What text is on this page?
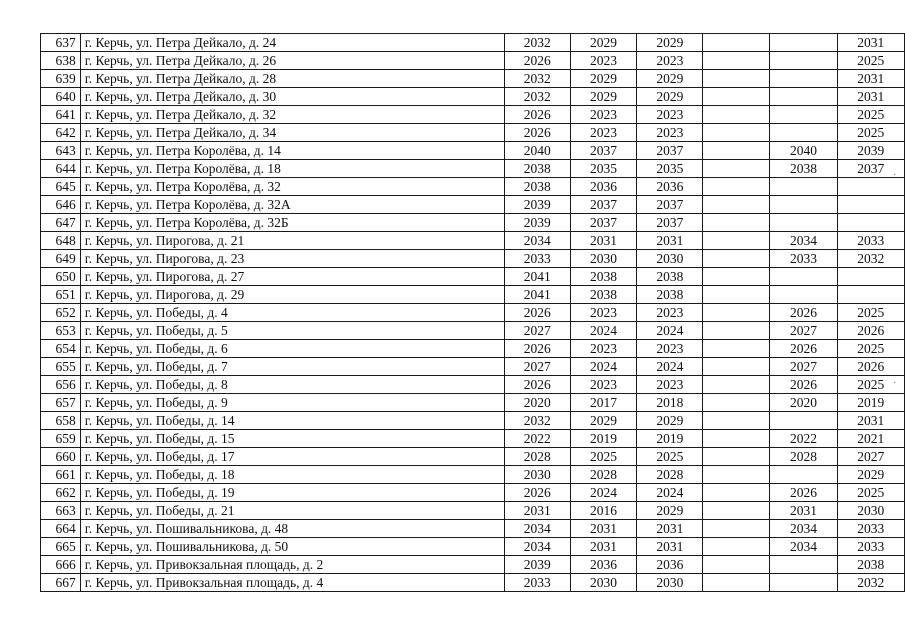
637	г. Керчь, ул. Петра Дейкало, д. 24	2032	2029	2029			2031
638	г. Керчь, ул. Петра Дейкало, д. 26	2026	2023	2023			2025
639	г. Керчь, ул. Петра Дейкало, д. 28	2032	2029	2029			2031
640	г. Керчь, ул. Петра Дейкало, д. 30	2032	2029	2029			2031
641	г. Керчь, ул. Петра Дейкало, д. 32	2026	2023	2023			2025
642	г. Керчь, ул. Петра Дейкало, д. 34	2026	2023	2023			2025
643	г. Керчь, ул. Петра Королёва, д. 14	2040	2037	2037		2040	2039
644	г. Керчь, ул. Петра Королёва, д. 18	2038	2035	2035		2038	2037
645	г. Керчь, ул. Петра Королёва, д. 32	2038	2036	2036			
646	г. Керчь, ул. Петра Королёва, д. 32А	2039	2037	2037			
647	г. Керчь, ул. Петра Королёва, д. 32Б	2039	2037	2037			
648	г. Керчь, ул. Пирогова, д. 21	2034	2031	2031		2034	2033
649	г. Керчь, ул. Пирогова, д. 23	2033	2030	2030		2033	2032
650	г. Керчь, ул. Пирогова, д. 27	2041	2038	2038			
651	г. Керчь, ул. Пирогова, д. 29	2041	2038	2038			
652	г. Керчь, ул. Победы, д. 4	2026	2023	2023		2026	2025
653	г. Керчь, ул. Победы, д. 5	2027	2024	2024		2027	2026
654	г. Керчь, ул. Победы, д. 6	2026	2023	2023		2026	2025
655	г. Керчь, ул. Победы, д. 7	2027	2024	2024		2027	2026
656	г. Керчь, ул. Победы, д. 8	2026	2023	2023		2026	2025
657	г. Керчь, ул. Победы, д. 9	2020	2017	2018		2020	2019
658	г. Керчь, ул. Победы, д. 14	2032	2029	2029			2031
659	г. Керчь, ул. Победы, д. 15	2022	2019	2019		2022	2021
660	г. Керчь, ул. Победы, д. 17	2028	2025	2025		2028	2027
661	г. Керчь, ул. Победы, д. 18	2030	2028	2028			2029
662	г. Керчь, ул. Победы, д. 19	2026	2024	2024		2026	2025
663	г. Керчь, ул. Победы, д. 21	2031	2016	2029		2031	2030
664	г. Керчь, ул. Пошивальникова, д. 48	2034	2031	2031		2034	2033
665	г. Керчь, ул. Пошивальникова, д. 50	2034	2031	2031		2034	2033
666	г. Керчь, ул. Привокзальная площадь, д. 2	2039	2036	2036			2038
667	г. Керчь, ул. Привокзальная площадь, д. 4	2033	2030	2030			2032
·
·
